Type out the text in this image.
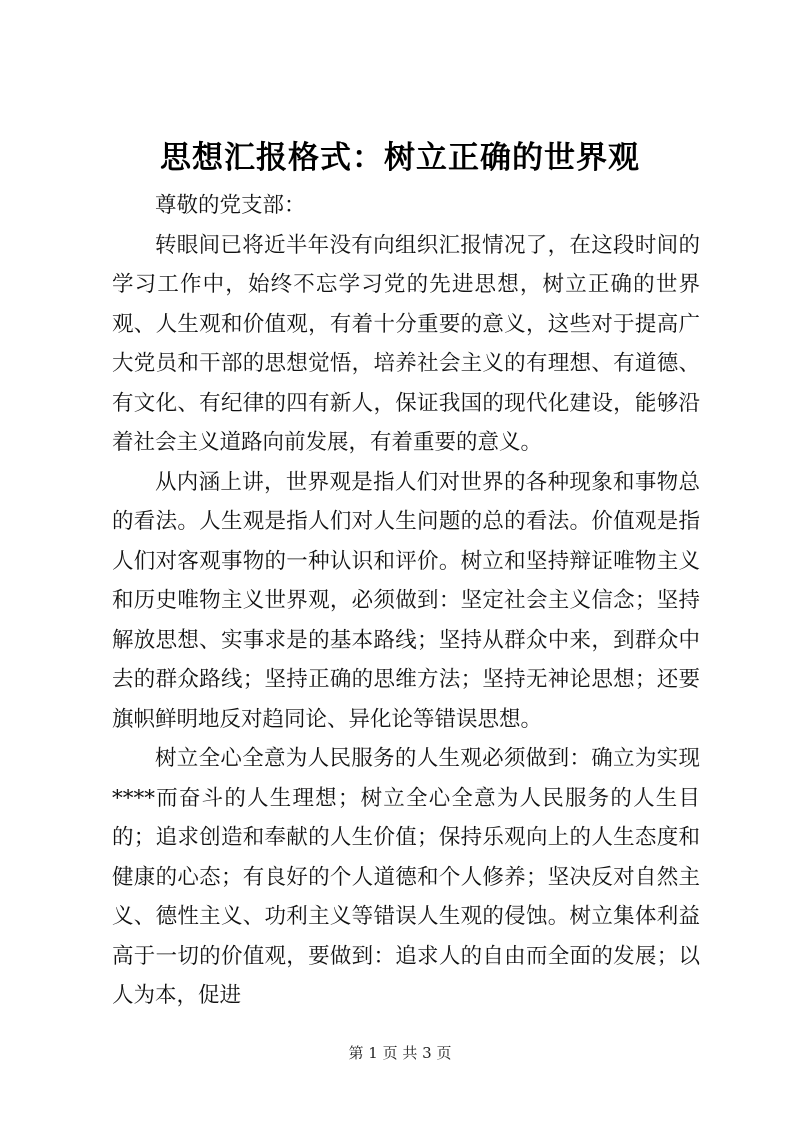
思想汇报格式：树立正确的世界观

尊敬的党支部：

转眼间已将近半年没有向组织汇报情况了，在这段时间的学习工作中，始终不忘学习党的先进思想，树立正确的世界观、人生观和价值观，有着十分重要的意义，这些对于提高广大党员和干部的思想觉悟，培养社会主义的有理想、有道德、有文化、有纪律的四有新人，保证我国的现代化建设，能够沿着社会主义道路向前发展，有着重要的意义。

从内涵上讲，世界观是指人们对世界的各种现象和事物总的看法。人生观是指人们对人生问题的总的看法。价值观是指人们对客观事物的一种认识和评价。树立和坚持辩证唯物主义和历史唯物主义世界观，必须做到：坚定社会主义信念；坚持解放思想、实事求是的基本路线；坚持从群众中来，到群众中去的群众路线；坚持正确的思维方法；坚持无神论思想；还要旗帜鲜明地反对趋同论、异化论等错误思想。

树立全心全意为人民服务的人生观必须做到：确立为实现****而奋斗的人生理想；树立全心全意为人民服务的人生目的；追求创造和奉献的人生价值；保持乐观向上的人生态度和健康的心态；有良好的个人道德和个人修养；坚决反对自然主义、德性主义、功利主义等错误人生观的侵蚀。树立集体利益高于一切的价值观，要做到：追求人的自由而全面的发展；以人为本，促进

第 1 页 共 3 页
